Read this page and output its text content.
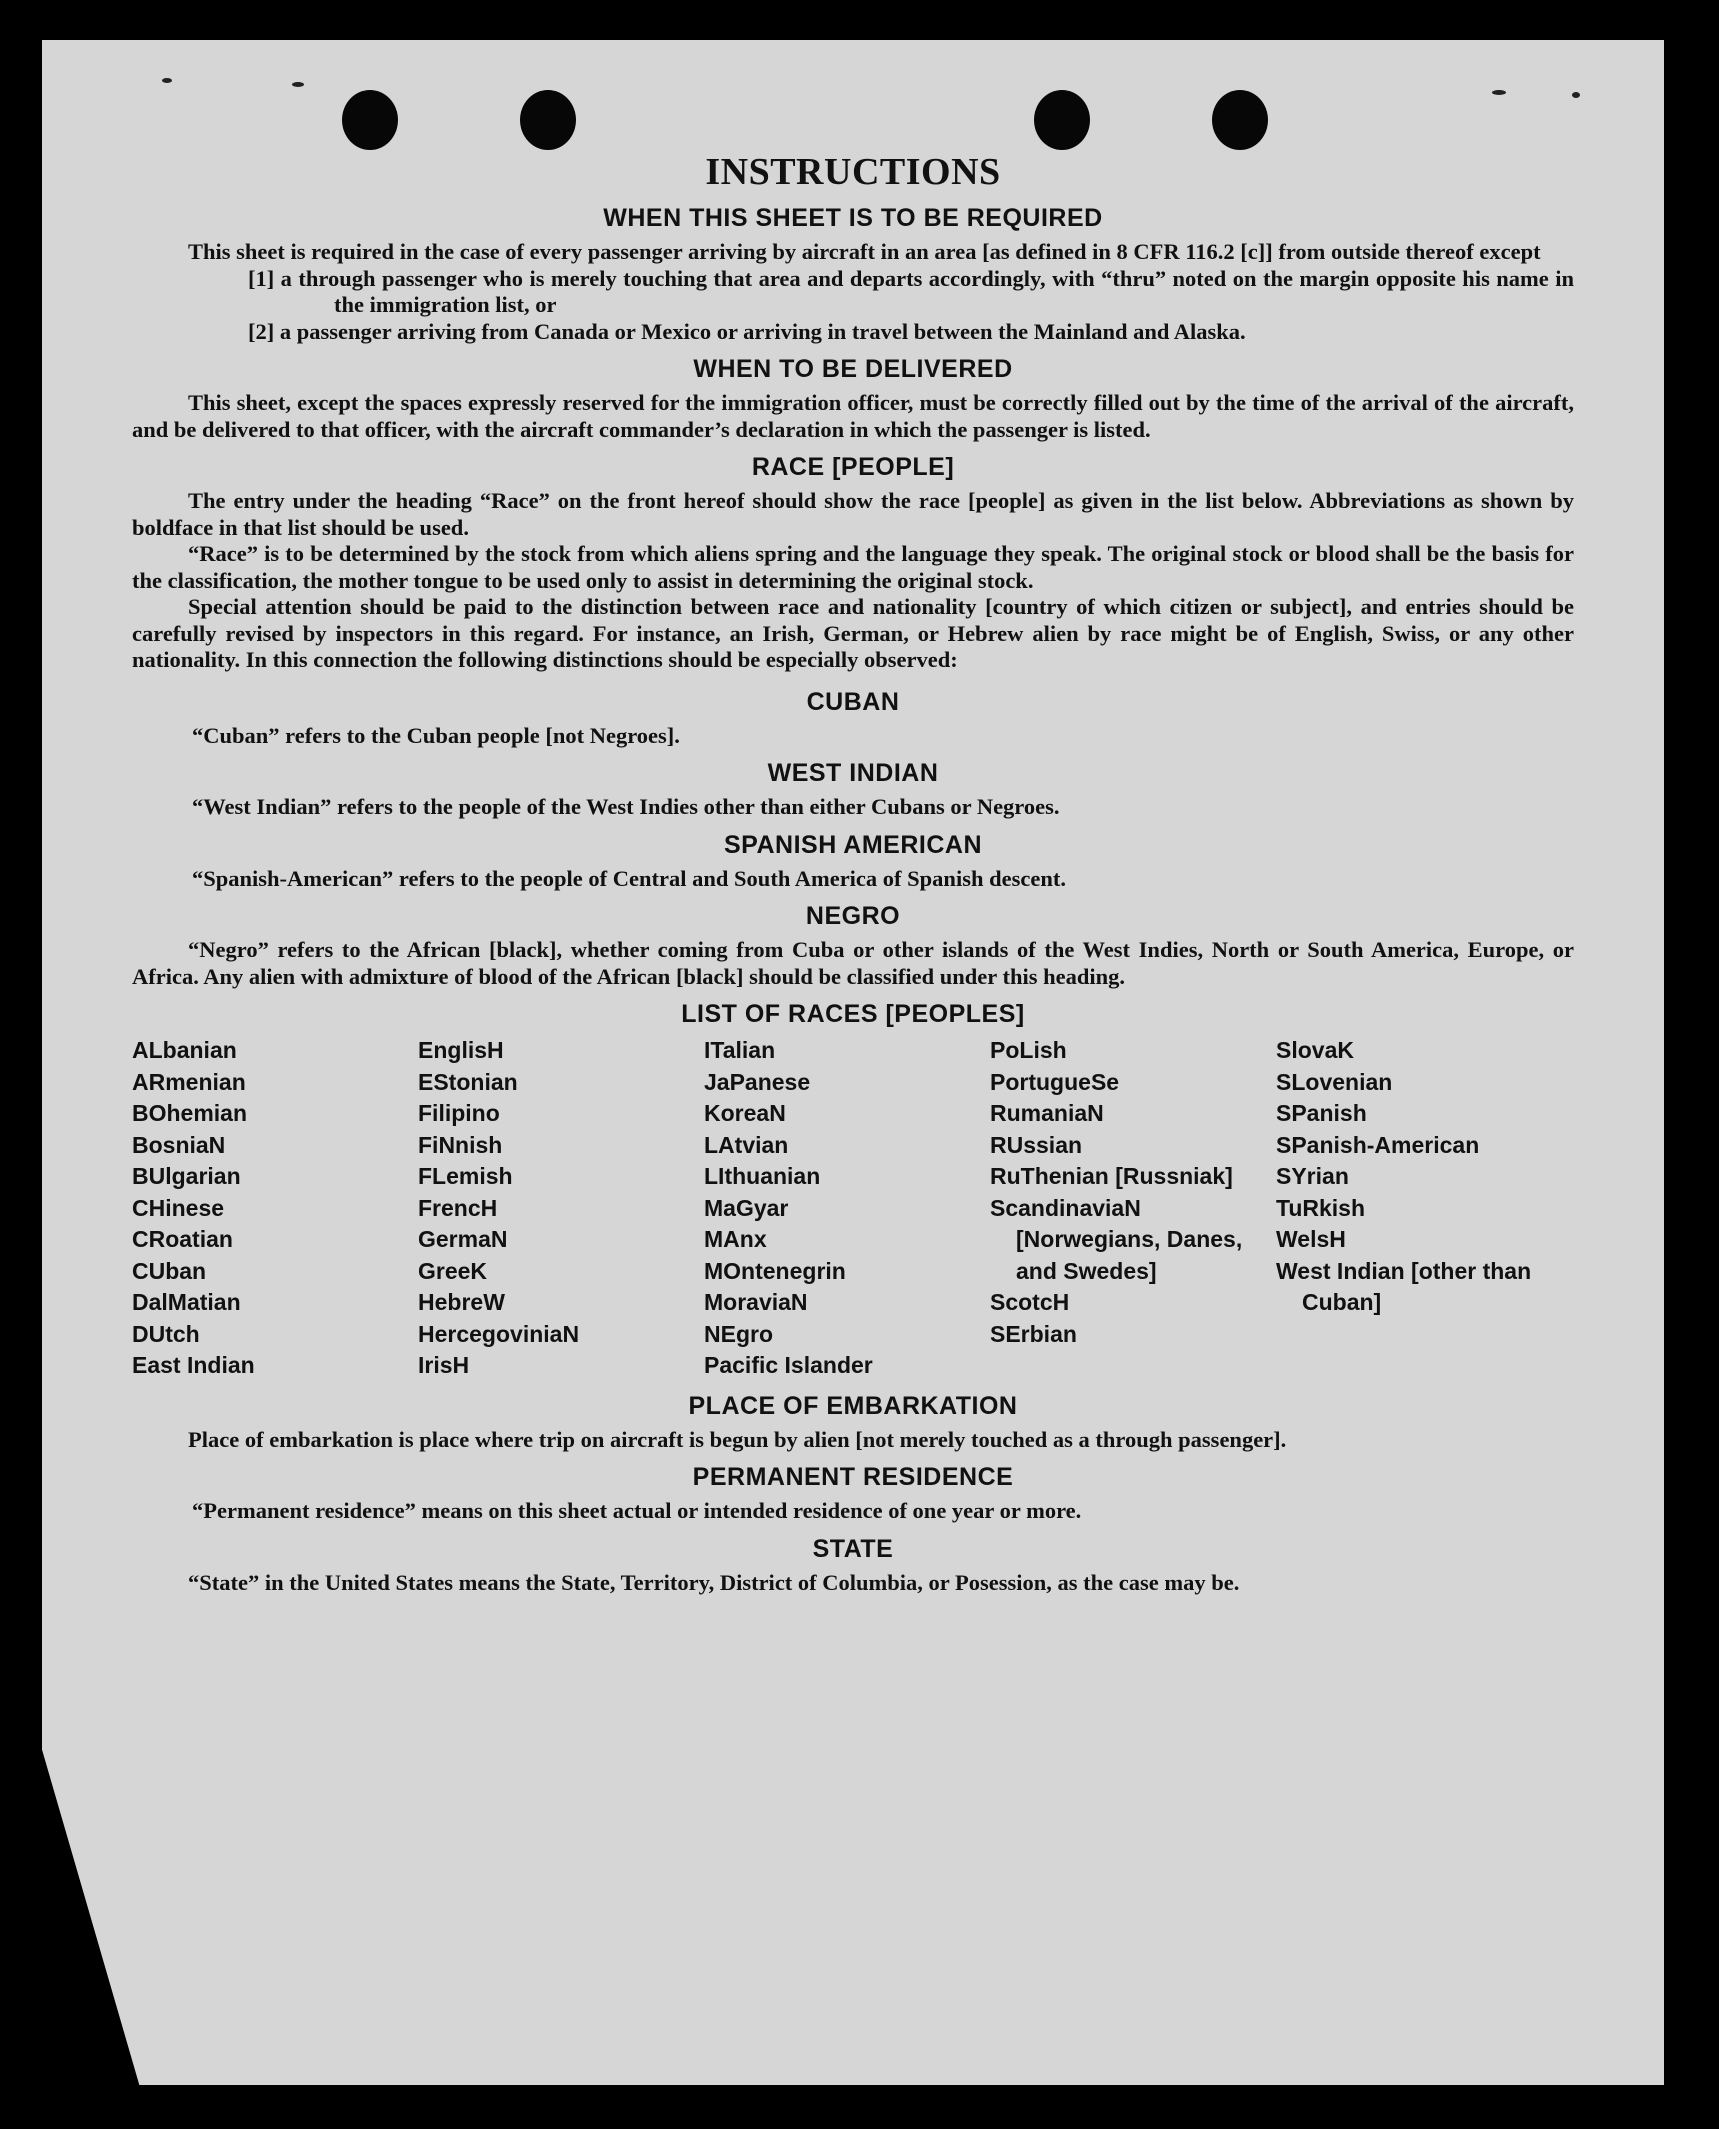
INSTRUCTIONS
WHEN THIS SHEET IS TO BE REQUIRED

This sheet is required in the case of every passenger arriving by aircraft in an area [as defined in 8 CFR 116.2 [c]] from outside thereof except

[1] a through passenger who is merely touching that area and departs accordingly, with “thru” noted on the margin opposite his name in the immigration list, or

[2] a passenger arriving from Canada or Mexico or arriving in travel between the Mainland and Alaska.

WHEN TO BE DELIVERED

This sheet, except the spaces expressly reserved for the immigration officer, must be correctly filled out by the time of the arrival of the aircraft, and be delivered to that officer, with the aircraft commander’s declaration in which the passenger is listed.

RACE [PEOPLE]

The entry under the heading “Race” on the front hereof should show the race [people] as given in the list below. Abbreviations as shown by boldface in that list should be used.

“Race” is to be determined by the stock from which aliens spring and the language they speak. The original stock or blood shall be the basis for the classification, the mother tongue to be used only to assist in determining the original stock.

Special attention should be paid to the distinction between race and nationality [country of which citizen or subject], and entries should be carefully revised by inspectors in this regard. For instance, an Irish, German, or Hebrew alien by race might be of English, Swiss, or any other nationality. In this connection the following distinctions should be especially observed:

CUBAN

“Cuban” refers to the Cuban people [not Negroes].

WEST INDIAN

“West Indian” refers to the people of the West Indies other than either Cubans or Negroes.

SPANISH AMERICAN

“Spanish-American” refers to the people of Central and South America of Spanish descent.

NEGRO

“Negro” refers to the African [black], whether coming from Cuba or other islands of the West Indies, North or South America, Europe, or Africa. Any alien with admixture of blood of the African [black] should be classified under this heading.

LIST OF RACES [PEOPLES]
ALbanian
ARmenian
BOhemian
BosniaN
BUlgarian
CHinese
CRoatian
CUban
DalMatian
DUtch
East Indian
EnglisH
EStonian
Filipino
FiNnish
FLemish
FrencH
GermaN
GreeK
HebreW
HercegoviniaN
IrisH
ITalian
JaPanese
KoreaN
LAtvian
LIthuanian
MaGyar
MAnx
MOntenegrin
MoraviaN
NEgro
Pacific Islander
PoLish
PortugueSe
RumaniaN
RUssian
RuThenian [Russniak]
ScandinaviaN [Norwegians, Danes, and Swedes]
ScotcH
SErbian
SlovaK
SLovenian
SPanish
SPanish-American
SYrian
TuRkish
WelsH
West Indian [other than Cuban]
PLACE OF EMBARKATION

Place of embarkation is place where trip on aircraft is begun by alien [not merely touched as a through passenger].

PERMANENT RESIDENCE

“Permanent residence” means on this sheet actual or intended residence of one year or more.

STATE

“State” in the United States means the State, Territory, District of Columbia, or Posession, as the case may be.
